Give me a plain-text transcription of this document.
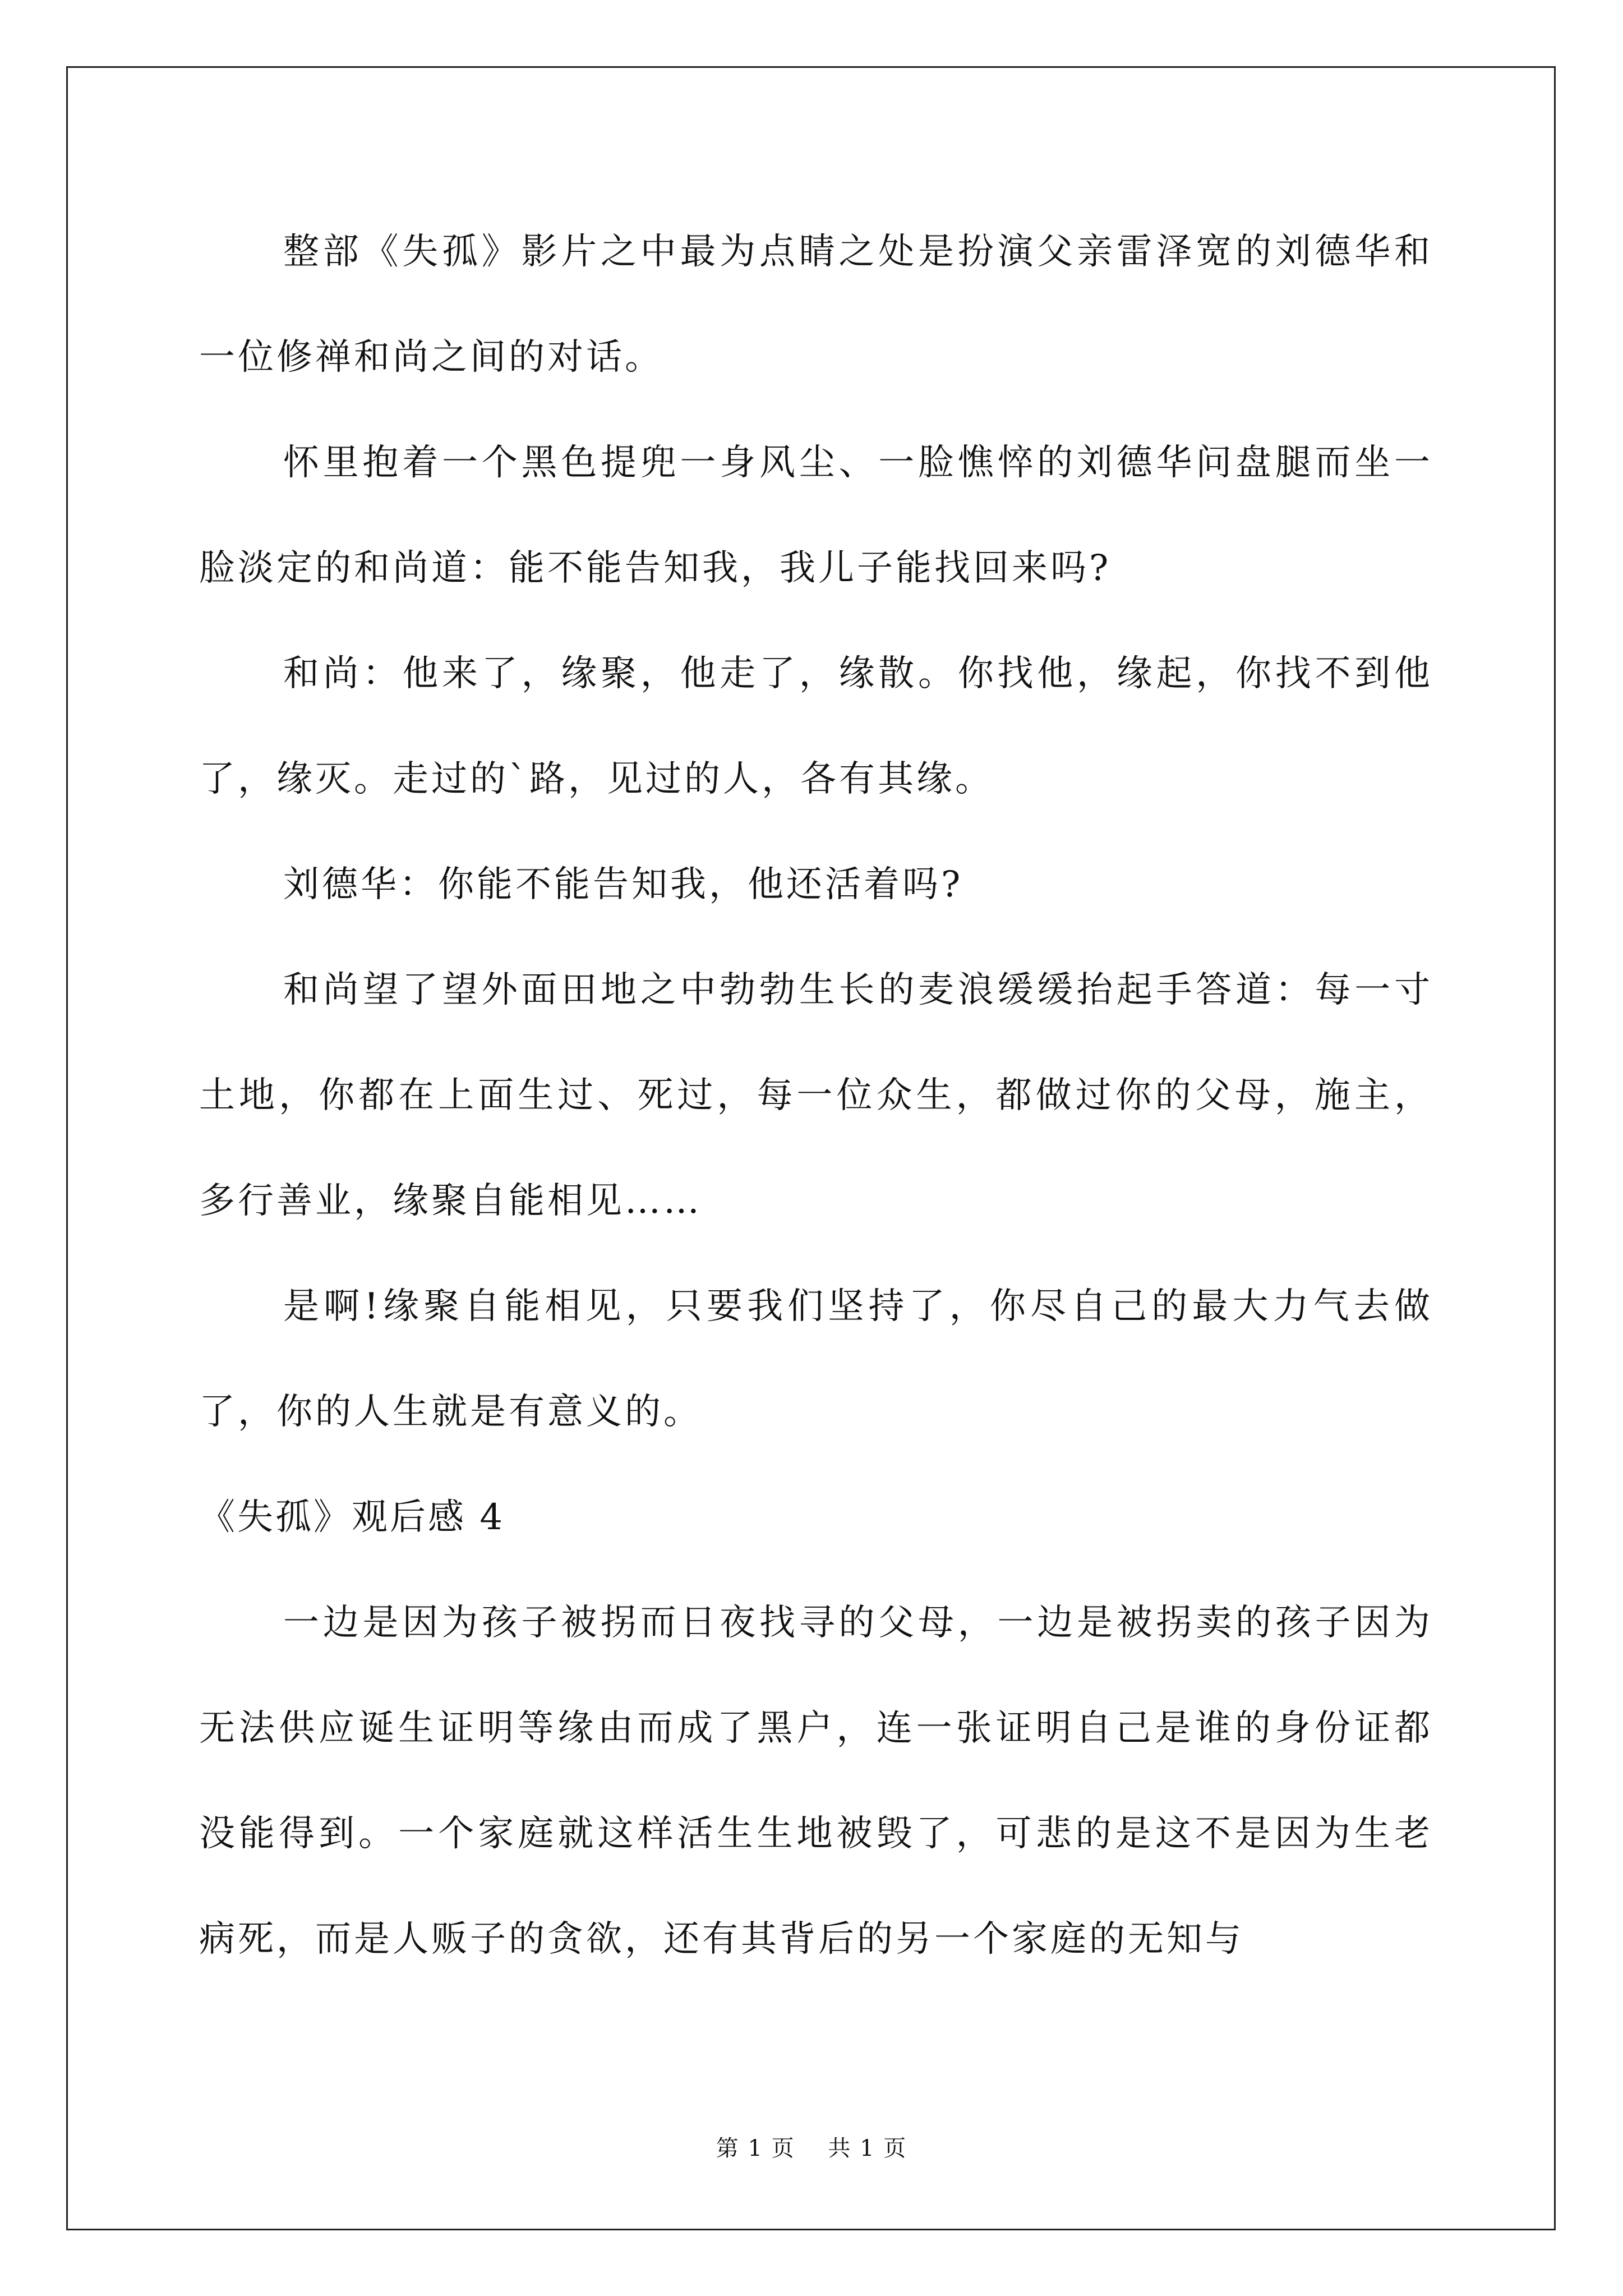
整部《失孤》影片之中最为点睛之处是扮演父亲雷泽宽的刘德华和一位修禅和尚之间的对话。

怀里抱着一个黑色提兜一身风尘、一脸憔悴的刘德华问盘腿而坐一脸淡定的和尚道：能不能告知我，我儿子能找回来吗?

和尚：他来了，缘聚，他走了，缘散。你找他，缘起，你找不到他了，缘灭。走过的`路，见过的人，各有其缘。

刘德华：你能不能告知我，他还活着吗?

和尚望了望外面田地之中勃勃生长的麦浪缓缓抬起手答道：每一寸土地，你都在上面生过、死过，每一位众生，都做过你的父母，施主，多行善业，缘聚自能相见……

是啊!缘聚自能相见，只要我们坚持了，你尽自己的最大力气去做了，你的人生就是有意义的。

《失孤》观后感 4

一边是因为孩子被拐而日夜找寻的父母，一边是被拐卖的孩子因为无法供应诞生证明等缘由而成了黑户，连一张证明自己是谁的身份证都没能得到。一个家庭就这样活生生地被毁了，可悲的是这不是因为生老病死，而是人贩子的贪欲，还有其背后的另一个家庭的无知与

第 1 页 共 1 页
